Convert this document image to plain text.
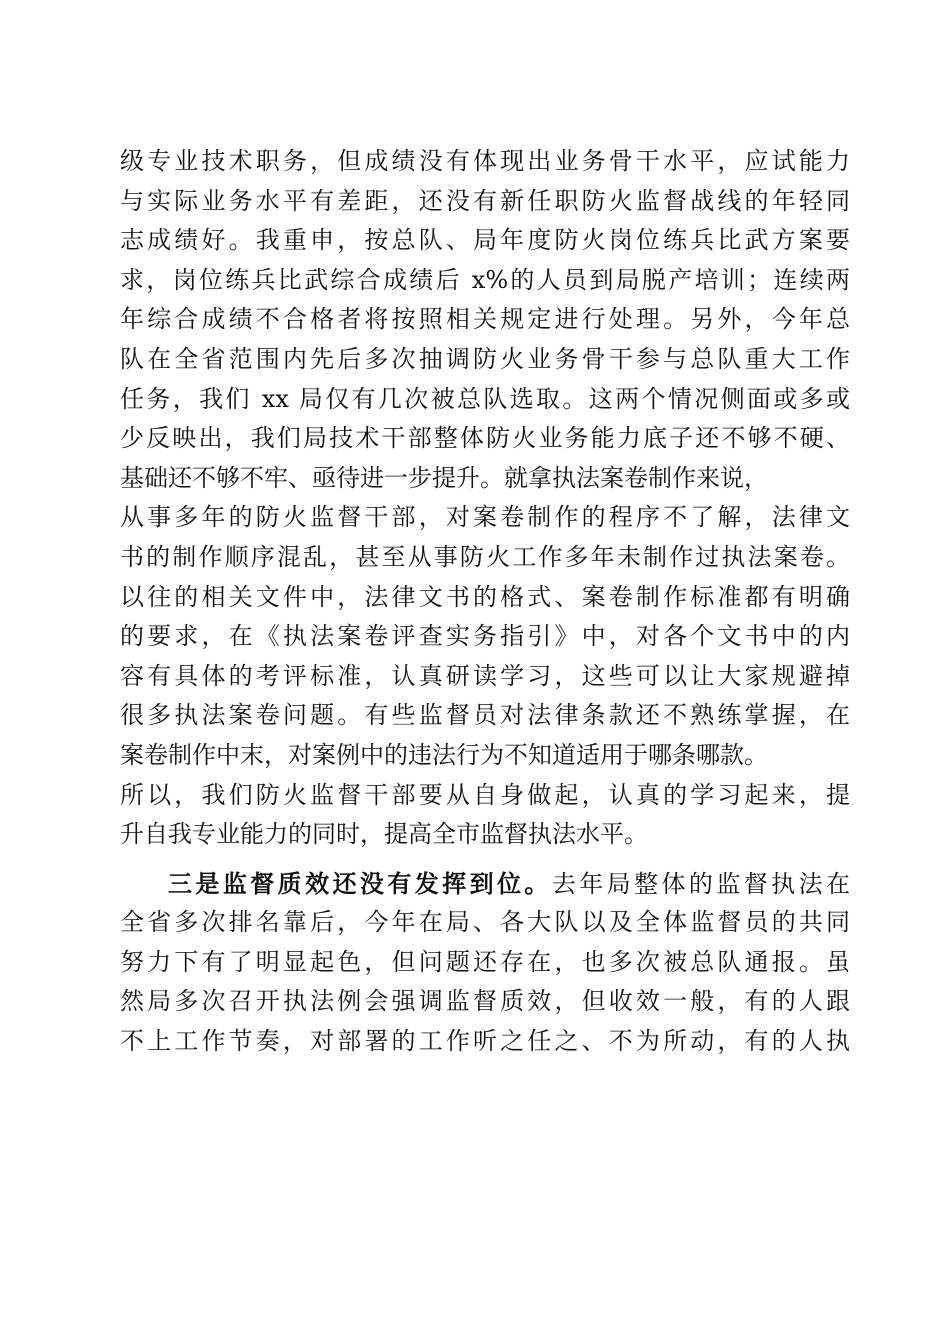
级专业技术职务，但成绩没有体现出业务骨干水平，应试能力
与实际业务水平有差距，还没有新任职防火监督战线的年轻同
志成绩好。我重申，按总队、局年度防火岗位练兵比武方案要
求，岗位练兵比武综合成绩后 x%的人员到局脱产培训；连续两
年综合成绩不合格者将按照相关规定进行处理。另外，今年总
队在全省范围内先后多次抽调防火业务骨干参与总队重大工作
任务，我们 xx 局仅有几次被总队选取。这两个情况侧面或多或
少反映出，我们局技术干部整体防火业务能力底子还不够不硬、
基础还不够不牢、亟待进一步提升。就拿执法案卷制作来说，
从事多年的防火监督干部，对案卷制作的程序不了解，法律文
书的制作顺序混乱，甚至从事防火工作多年未制作过执法案卷。
以往的相关文件中，法律文书的格式、案卷制作标准都有明确
的要求，在《执法案卷评查实务指引》中，对各个文书中的内
容有具体的考评标准，认真研读学习，这些可以让大家规避掉
很多执法案卷问题。有些监督员对法律条款还不熟练掌握，在
案卷制作中末，对案例中的违法行为不知道适用于哪条哪款。
所以，我们防火监督干部要从自身做起，认真的学习起来，提
升自我专业能力的同时，提高全市监督执法水平。
三是监督质效还没有发挥到位。去年局整体的监督执法在
全省多次排名靠后，今年在局、各大队以及全体监督员的共同
努力下有了明显起色，但问题还存在，也多次被总队通报。虽
然局多次召开执法例会强调监督质效，但收效一般，有的人跟
不上工作节奏，对部署的工作听之任之、不为所动，有的人执
